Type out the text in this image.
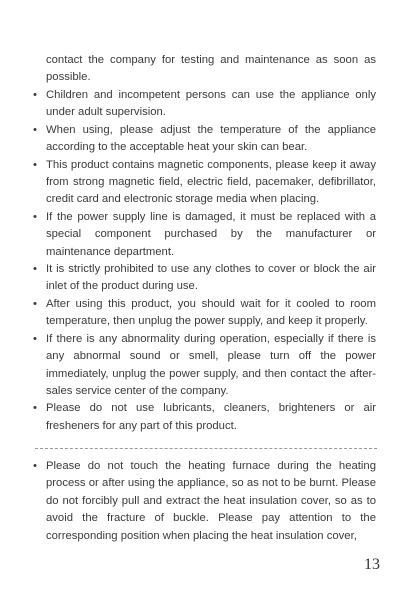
contact the company for testing and maintenance as soon as possible.
• Children and incompetent persons can use the appliance only under adult supervision.
• When using, please adjust the temperature of the appliance according to the acceptable heat your skin can bear.
• This product contains magnetic components, please keep it away from strong magnetic field, electric field, pacemaker, defibrillator, credit card and electronic storage media when placing.
• If the power supply line is damaged, it must be replaced with a special component purchased by the manufacturer or maintenance department.
• It is strictly prohibited to use any clothes to cover or block the air inlet of the product during use.
• After using this product, you should wait for it cooled to room temperature, then unplug the power supply, and keep it properly.
• If there is any abnormality during operation, especially if there is any abnormal sound or smell, please turn off the power immediately, unplug the power supply, and then contact the after-sales service center of the company.
• Please do not use lubricants, cleaners, brighteners or air fresheners for any part of this product.
• Please do not touch the heating furnace during the heating process or after using the appliance, so as not to be burnt. Please do not forcibly pull and extract the heat insulation cover, so as to avoid the fracture of buckle. Please pay attention to the corresponding position when placing the heat insulation cover,
13
